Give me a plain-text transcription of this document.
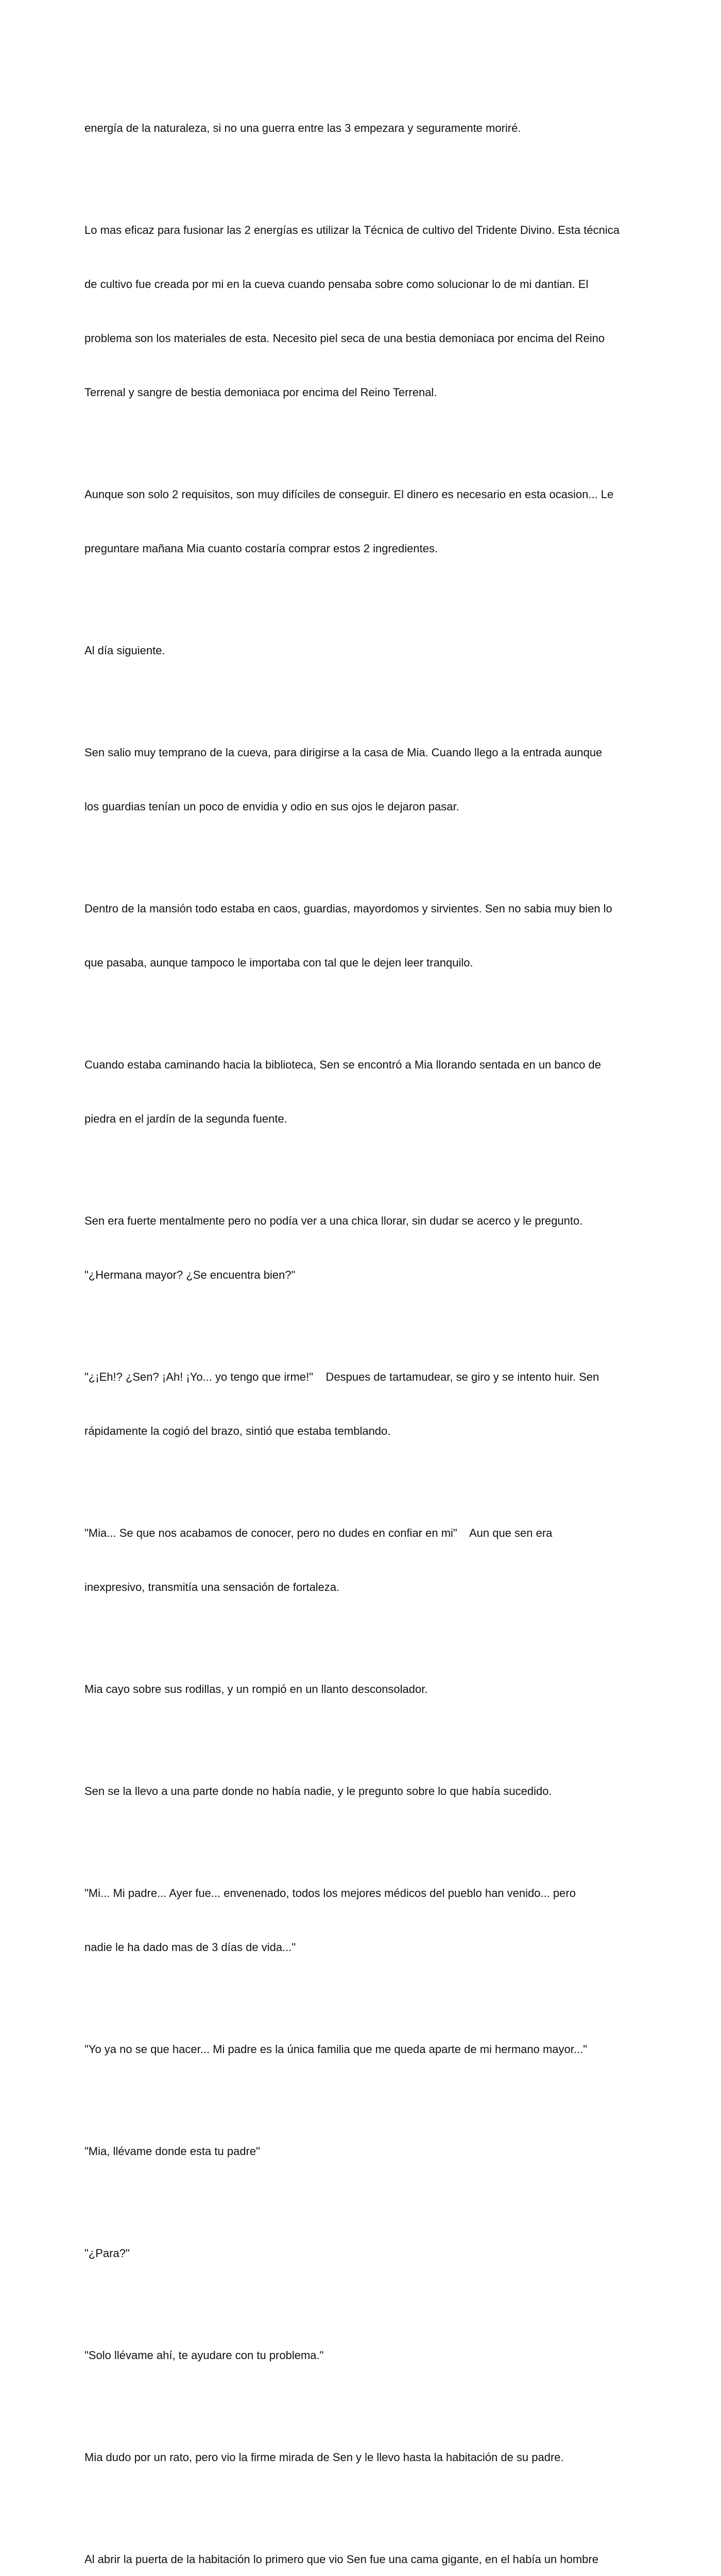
energía de la naturaleza, si no una guerra entre las 3 empezara y seguramente moriré.

Lo mas eficaz para fusionar las 2 energías es utilizar la Técnica de cultivo del Tridente Divino. Esta técnica

de cultivo fue creada por mi en la cueva cuando pensaba sobre como solucionar lo de mi dantian. El

problema son los materiales de esta. Necesito piel seca de una bestia demoniaca por encima del Reino

Terrenal y sangre de bestia demoniaca por encima del Reino Terrenal.

Aunque son solo 2 requisitos, son muy difíciles de conseguir. El dinero es necesario en esta ocasion... Le

preguntare mañana Mia cuanto costaría comprar estos 2 ingredientes.

Al día siguiente.

Sen salio muy temprano de la cueva, para dirigirse a la casa de Mia. Cuando llego a la entrada aunque

los guardias tenían un poco de envidia y odio en sus ojos le dejaron pasar.

Dentro de la mansión todo estaba en caos, guardias, mayordomos y sirvientes. Sen no sabia muy bien lo

que pasaba, aunque tampoco le importaba con tal que le dejen leer tranquilo.

Cuando estaba caminando hacia la biblioteca, Sen se encontró a Mia llorando sentada en un banco de

piedra en el jardín de la segunda fuente.

Sen era fuerte mentalmente pero no podía ver a una chica llorar, sin dudar se acerco y le pregunto.

"¿Hermana mayor? ¿Se encuentra bien?"

"¿¡Eh!? ¿Sen? ¡Ah! ¡Yo... yo tengo que irme!"    Despues de tartamudear, se giro y se intento huir. Sen

rápidamente la cogió del brazo, sintió que estaba temblando.

"Mia... Se que nos acabamos de conocer, pero no dudes en confiar en mi"    Aun que sen era

inexpresivo, transmitía una sensación de fortaleza.

Mia cayo sobre sus rodillas, y un rompió en un llanto desconsolador.

Sen se la llevo a una parte donde no había nadie, y le pregunto sobre lo que había sucedido.

"Mi... Mi padre... Ayer fue... envenenado, todos los mejores médicos del pueblo han venido... pero

nadie le ha dado mas de 3 días de vida..."

"Yo ya no se que hacer... Mi padre es la única familia que me queda aparte de mi hermano mayor..."

"Mia, llévame donde esta tu padre"

"¿Para?"

"Solo llévame ahí, te ayudare con tu problema."

Mia dudo por un rato, pero vio la firme mirada de Sen y le llevo hasta la habitación de su padre.

Al abrir la puerta de la habitación lo primero que vio Sen fue una cama gigante, en el había un hombre
